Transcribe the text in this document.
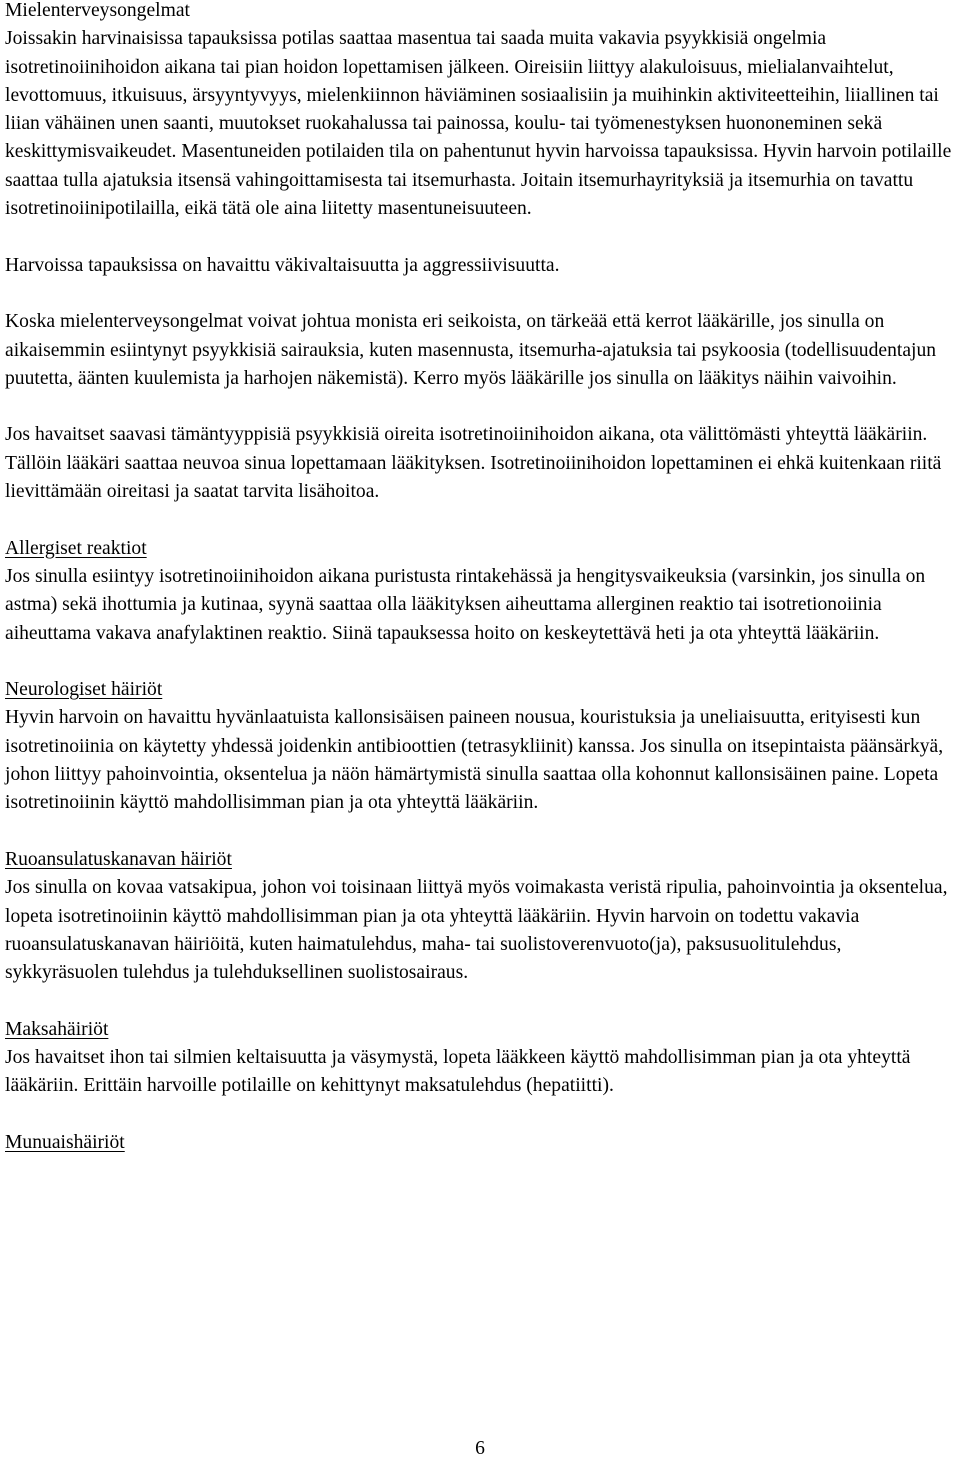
Mielenterveysongelmat

Joissakin harvinaisissa tapauksissa potilas saattaa masentua tai saada muita vakavia psyykkisiä ongelmia isotretinoiinihoidon aikana tai pian hoidon lopettamisen jälkeen. Oireisiin liittyy alakuloisuus, mielialanvaihtelut, levottomuus, itkuisuus, ärsyyntyvyys, mielenkiinnon häviäminen sosiaalisiin ja muihinkin aktiviteetteihin, liiallinen tai liian vähäinen unen saanti, muutokset ruokahalussa tai painossa, koulu- tai työmenestyksen huononeminen sekä keskittymisvaikeudet. Masentuneiden potilaiden tila on pahentunut hyvin harvoissa tapauksissa. Hyvin harvoin potilaille saattaa tulla ajatuksia itsensä vahingoittamisesta tai itsemurhasta. Joitain itsemurhayrityksiä ja itsemurhia on tavattu isotretinoiinipotilailla, eikä tätä ole aina liitetty masentuneisuuteen.

Harvoissa tapauksissa on havaittu väkivaltaisuutta ja aggressiivisuutta.

Koska mielenterveysongelmat voivat johtua monista eri seikoista, on tärkeää että kerrot lääkärille, jos sinulla on aikaisemmin esiintynyt psyykkisiä sairauksia, kuten masennusta, itsemurha-ajatuksia tai psykoosia (todellisuudentajun puutetta, äänten kuulemista ja harhojen näkemistä). Kerro myös lääkärille jos sinulla on lääkitys näihin vaivoihin.

Jos havaitset saavasi tämäntyyppisiä psyykkisiä oireita isotretinoiinihoidon aikana, ota välittömästi yhteyttä lääkäriin. Tällöin lääkäri saattaa neuvoa sinua lopettamaan lääkityksen. Isotretinoiinihoidon lopettaminen ei ehkä kuitenkaan riitä lievittämään oireitasi ja saatat tarvita lisähoitoa.

Allergiset reaktiot

Jos sinulla esiintyy isotretinoiinihoidon aikana puristusta rintakehässä ja hengitysvaikeuksia (varsinkin, jos sinulla on astma) sekä ihottumia ja kutinaa, syynä saattaa olla lääkityksen aiheuttama allerginen reaktio tai isotretionoiinia aiheuttama vakava anafylaktinen reaktio. Siinä tapauksessa hoito on keskeytettävä heti ja ota yhteyttä lääkäriin.

Neurologiset häiriöt

Hyvin harvoin on havaittu hyvänlaatuista kallonsisäisen paineen nousua, kouristuksia ja uneliaisuutta, erityisesti kun isotretinoiinia on käytetty yhdessä joidenkin antibioottien (tetrasykliinit) kanssa. Jos sinulla on itsepintaista päänsärkyä, johon liittyy pahoinvointia, oksentelua ja näön hämärtymistä sinulla saattaa olla kohonnut kallonsisäinen paine. Lopeta isotretinoiinin käyttö mahdollisimman pian ja ota yhteyttä lääkäriin.

Ruoansulatuskanavan häiriöt

Jos sinulla on kovaa vatsakipua, johon voi toisinaan liittyä myös voimakasta veristä ripulia, pahoinvointia ja oksentelua, lopeta isotretinoiinin käyttö mahdollisimman pian ja ota yhteyttä lääkäriin. Hyvin harvoin on todettu vakavia ruoansulatuskanavan häiriöitä, kuten haimatulehdus, maha- tai suolistoverenvuoto(ja), paksusuolitulehdus, sykkyräsuolen tulehdus ja tulehduksellinen suolistosairaus.

Maksahäiriöt

Jos havaitset ihon tai silmien keltaisuutta ja väsymystä, lopeta lääkkeen käyttö mahdollisimman pian ja ota yhteyttä lääkäriin. Erittäin harvoille potilaille on kehittynyt maksatulehdus (hepatiitti).

Munuaishäiriöt
6
